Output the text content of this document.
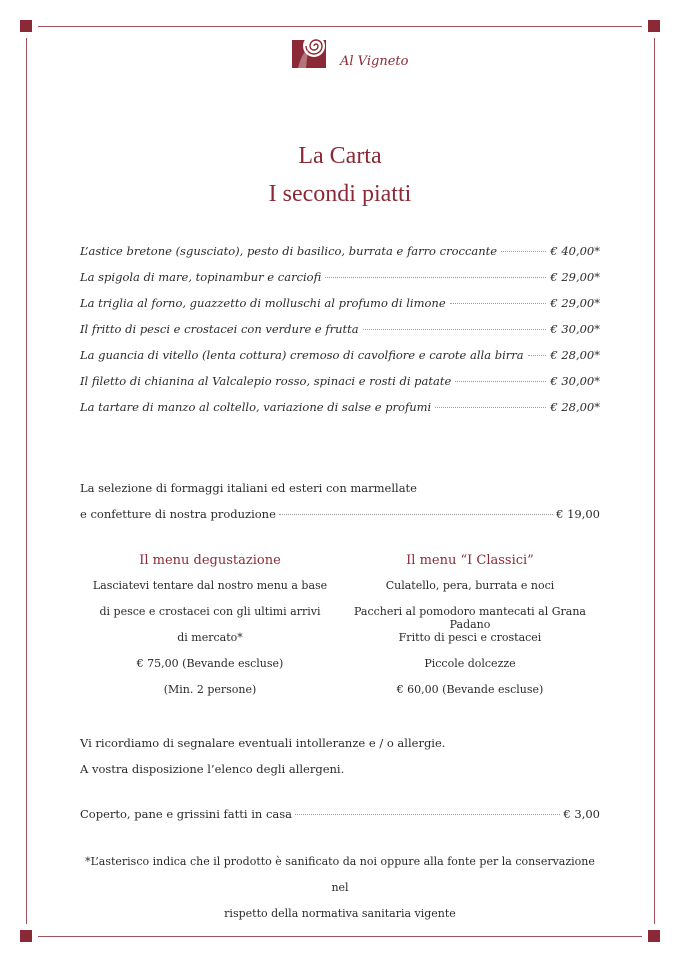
Al Vigneto
La Carta
I secondi piatti
L’astice bretone (sgusciato), pesto di basilico, burrata e farro croccante	€ 40,00*
La spigola di mare, topinambur e carciofi	€ 29,00*
La triglia al forno, guazzetto di molluschi al profumo di limone	€ 29,00*
Il fritto di pesci e crostacei con verdure e frutta	€ 30,00*
La guancia di vitello (lenta cottura) cremoso di cavolfiore e carote alla birra € 28,00*
Il filetto di chianina al Valcalepio rosso, spinaci e rosti di patate	€ 30,00*
La tartare di manzo al coltello, variazione di salse e profumi	€ 28,00*
La selezione di formaggi italiani ed esteri con marmellate
e confetture di nostra produzione	€ 19,00
Il menu degustazione
Lasciatevi tentare dal nostro menu a base
di pesce e crostacei con gli ultimi arrivi
di mercato*
€ 75,00 (Bevande escluse)
(Min. 2 persone)
Il menu “I Classici”
Culatello, pera, burrata e noci
Paccheri al pomodoro mantecati al Grana Padano
Fritto di pesci e crostacei
Piccole dolcezze
€ 60,00 (Bevande escluse)
Vi ricordiamo di segnalare eventuali intolleranze e / o allergie.
A vostra disposizione l’elenco degli allergeni.
Coperto, pane e grissini fatti in casa	€ 3,00
*L’asterisco indica che il prodotto è sanificato da noi oppure alla fonte per la conservazione nel
rispetto della normativa sanitaria vigente
